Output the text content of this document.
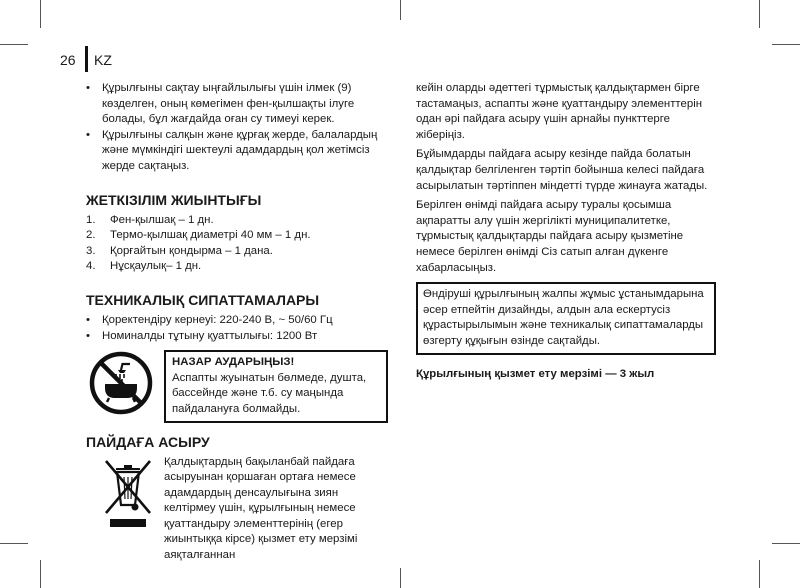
26 KZ
•	Құрылғыны сақтау ыңғайлылығы үшін ілмек (9) көзделген, оның көмегімен фен-қылшақты ілуге болады, бұл жағдайда оған су тимеуі керек.
•	Құрылғыны салқын және құрғақ жерде, балалардың және мүмкіндігі шектеулі адамдардың қол жетімсіз жерде сақтаңыз.
ЖЕТКІЗІЛІМ ЖИЫНТЫҒЫ
1.	Фен-қылшақ – 1 дн.
2.	Термо-қылшақ диаметрі 40 мм – 1 дн.
3.	Қорғайтын қондырма – 1 дана.
4.	Нұсқаулық– 1 дн.
ТЕХНИКАЛЫҚ СИПАТТАМАЛАРЫ
•	Қоректендіру кернеуі: 220-240 В, ~ 50/60 Гц
•	Номиналды тұтыну қуаттылығы: 1200 Вт
НАЗАР АУДАРЫҢЫЗ!
Аспапты жуынатын бөлмеде, душта, бассейнде және т.б. су маңында пайдалануға болмайды.
ПАЙДАҒА АСЫРУ
Қалдықтардың бақыланбай пайдаға асыруынан қоршаған ортаға немесе адамдардың денсаулығына зиян келтірмеу үшін, құрылғының немесе қуаттандыру элементтерінің (егер жиынтыққа кірсе) қызмет ету мерзімі аяқталғаннан

кейін оларды әдеттегі тұрмыстық қалдықтармен бірге тастамаңыз, аспапты және қуаттандыру элементтерін одан әрі пайдаға асыру үшін арнайы пункттерге жіберіңіз.

Бұйымдарды пайдаға асыру кезінде пайда болатын қалдықтар белгіленген тәртіп бойынша келесі пайдаға асырылатын тәртіппен міндетті түрде жинауға жатады.

Берілген өнімді пайдаға асыру туралы қосымша ақпаратты алу үшін жергілікті муниципалитетке, тұрмыстық қалдықтарды пайдаға асыру қызметіне немесе берілген өнімді Сіз сатып алған дүкенге хабарласыңыз.

Өндіруші құрылғының жалпы жұмыс ұстанымдарына әсер етпейтін дизайнды, алдын ала ескертусіз құрастырылымын және техникалық сипаттамаларды өзгерту құқығын өзінде сақтайды.

Құрылғының қызмет ету мерзімі — 3 жыл
